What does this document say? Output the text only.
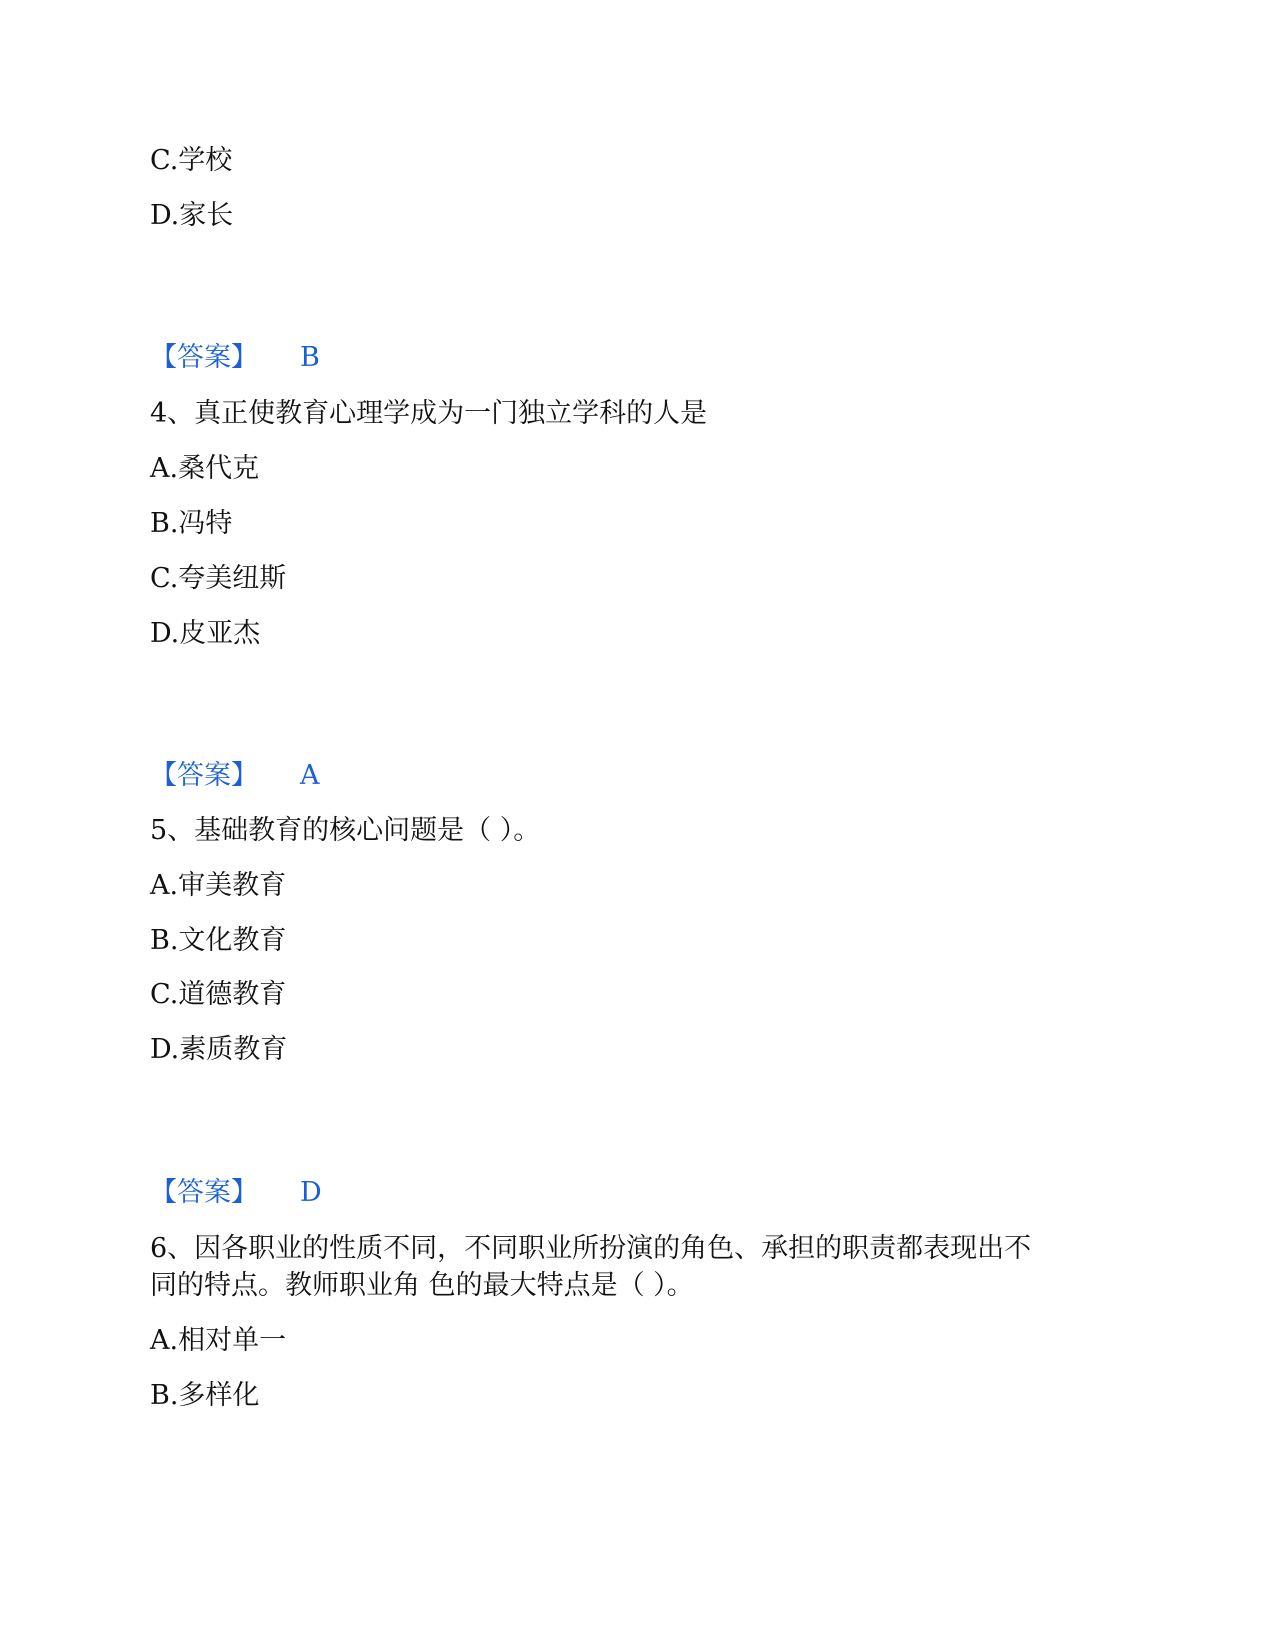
C.学校
D.家长
【答案】 B
4、真正使教育心理学成为一门独立学科的人是
A.桑代克
B.冯特
C.夸美纽斯
D.皮亚杰
【答案】 A
5、基础教育的核心问题是（ ）。
A.审美教育
B.文化教育
C.道德教育
D.素质教育
【答案】 D
6、因各职业的性质不同，不同职业所扮演的角色、承担的职责都表现出不
同的特点。教师职业角 色的最大特点是（ ）。
A.相对单一
B.多样化
